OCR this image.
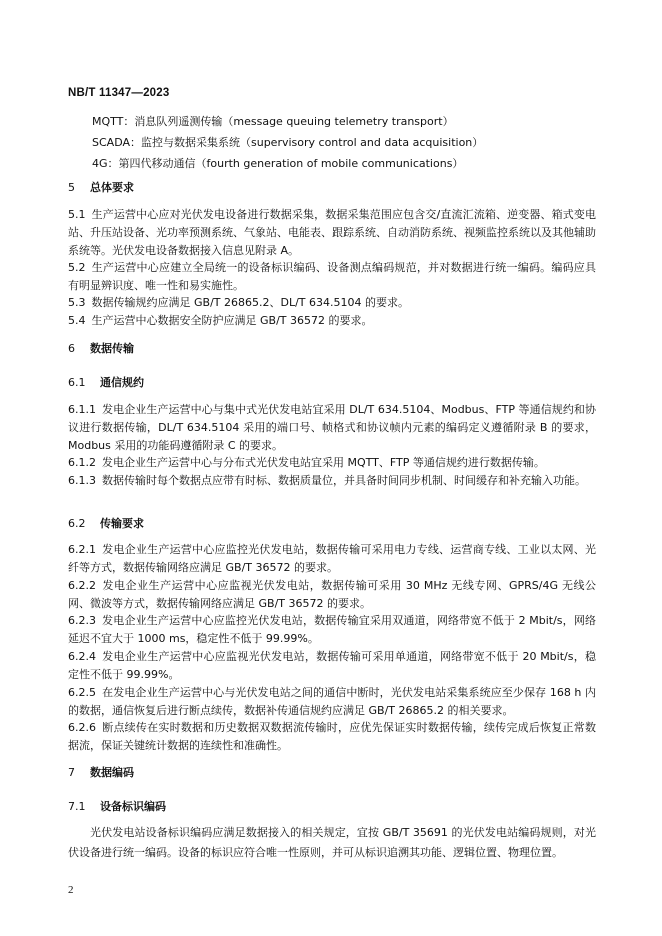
NB/T 11347—2023
MQTT：消息队列遥测传输（message queuing telemetry transport）
SCADA：监控与数据采集系统（supervisory control and data acquisition）
4G：第四代移动通信（fourth generation of mobile communications）
5 总体要求

5.1 生产运营中心应对光伏发电设备进行数据采集，数据采集范围应包含交/直流汇流箱、逆变器、箱式变电站、升压站设备、光功率预测系统、气象站、电能表、跟踪系统、自动消防系统、视频监控系统以及其他辅助系统等。光伏发电设备数据接入信息见附录 A。

5.2 生产运营中心应建立全局统一的设备标识编码、设备测点编码规范，并对数据进行统一编码。编码应具有明显辨识度、唯一性和易实施性。

5.3 数据传输规约应满足 GB/T 26865.2、DL/T 634.5104 的要求。

5.4 生产运营中心数据安全防护应满足 GB/T 36572 的要求。

6 数据传输
6.1 通信规约

6.1.1 发电企业生产运营中心与集中式光伏发电站宜采用 DL/T 634.5104、Modbus、FTP 等通信规约和协议进行数据传输，DL/T 634.5104 采用的端口号、帧格式和协议帧内元素的编码定义遵循附录 B 的要求，Modbus 采用的功能码遵循附录 C 的要求。

6.1.2 发电企业生产运营中心与分布式光伏发电站宜采用 MQTT、FTP 等通信规约进行数据传输。

6.1.3 数据传输时每个数据点应带有时标、数据质量位，并具备时间同步机制、时间缓存和补充输入功能。

6.2 传输要求

6.2.1 发电企业生产运营中心应监控光伏发电站，数据传输可采用电力专线、运营商专线、工业以太网、光纤等方式，数据传输网络应满足 GB/T 36572 的要求。

6.2.2 发电企业生产运营中心应监视光伏发电站，数据传输可采用 30 MHz 无线专网、GPRS/4G 无线公网、微波等方式，数据传输网络应满足 GB/T 36572 的要求。

6.2.3 发电企业生产运营中心应监控光伏发电站，数据传输宜采用双通道，网络带宽不低于 2 Mbit/s，网络延迟不宜大于 1000 ms，稳定性不低于 99.99%。

6.2.4 发电企业生产运营中心应监视光伏发电站，数据传输可采用单通道，网络带宽不低于 20 Mbit/s，稳定性不低于 99.99%。

6.2.5 在发电企业生产运营中心与光伏发电站之间的通信中断时，光伏发电站采集系统应至少保存 168 h 内的数据，通信恢复后进行断点续传，数据补传通信规约应满足 GB/T 26865.2 的相关要求。

6.2.6 断点续传在实时数据和历史数据双数据流传输时，应优先保证实时数据传输，续传完成后恢复正常数据流，保证关键统计数据的连续性和准确性。

7 数据编码
7.1 设备标识编码

光伏发电站设备标识编码应满足数据接入的相关规定，宜按 GB/T 35691 的光伏发电站编码规则，对光伏设备进行统一编码。设备的标识应符合唯一性原则，并可从标识追溯其功能、逻辑位置、物理位置。

2
